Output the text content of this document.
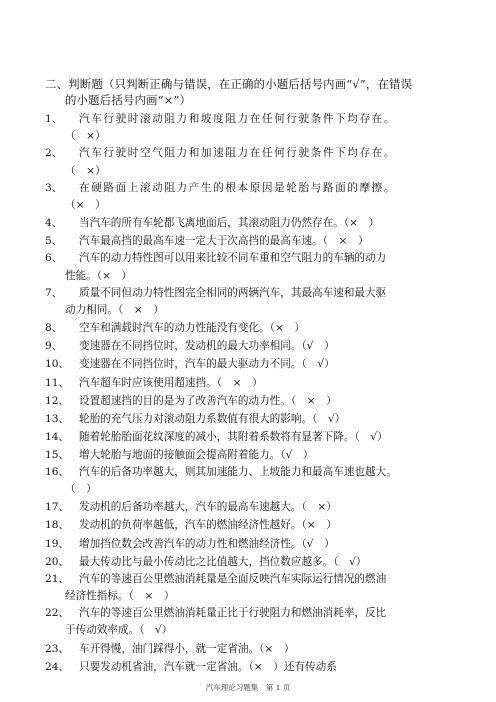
二、判断题（只判断正确与错误，在正确的小题后括号内画“√”，在错误
的小题后括号内画“×”）
1、 汽车行驶时滚动阻力和坡度阻力在任何行驶条件下均存在。
（　×）
2、 汽车行驶时空气阻力和加速阻力在任何行驶条件下均存在。
（　×）
3、 在硬路面上滚动阻力产生的根本原因是轮胎与路面的摩擦。
（×　）
4、 当汽车的所有车轮都飞离地面后，其滚动阻力仍然存在。（×　）
5、 汽车最高挡的最高车速一定大于次高挡的最高车速。（　×　）
6、 汽车的动力特性图可以用来比较不同车重和空气阻力的车辆的动力
性能。（×　）
7、 质量不同但动力特性图完全相同的两辆汽车，其最高车速和最大驱
动力相同。（　×　）
8、 空车和满载时汽车的动力性能没有变化。（×　）
9、 变速器在不同挡位时，发动机的最大功率相同。（√　）
10、 变速器在不同挡位时，汽车的最大驱动力不同。（　√）
11、 汽车超车时应该使用超速挡。（　×　）
12、 设置超速挡的目的是为了改善汽车的动力性。（　×　）
13、 轮胎的充气压力对滚动阻力系数值有很大的影响。（　√）
14、 随着轮胎胎面花纹深度的减小，其附着系数将有显著下降。（　√）
15、 增大轮胎与地面的接触面会提高附着能力。（√　）
16、 汽车的后备功率越大，则其加速能力、上坡能力和最高车速也越大。
（　）
17、 发动机的后备功率越大，汽车的最高车速越大。（　×）
18、 发动机的负荷率越低，汽车的燃油经济性越好。（×　）
19、 增加挡位数会改善汽车的动力性和燃油经济性。（√　）
20、 最大传动比与最小传动比之比值越大，挡位数应越多。（　√）
21、 汽车的等速百公里燃油消耗量是全面反映汽车实际运行情况的燃油
经济性指标。（　×　）
22、 汽车的等速百公里燃油消耗量正比于行驶阻力和燃油消耗率，反比
于传动效率成。（　√）
23、 车开得慢，油门踩得小，就一定省油。（×　）
24、 只要发动机省油，汽车就一定省油。（×　）还有传动系
汽车理论习题集　第 1 页
